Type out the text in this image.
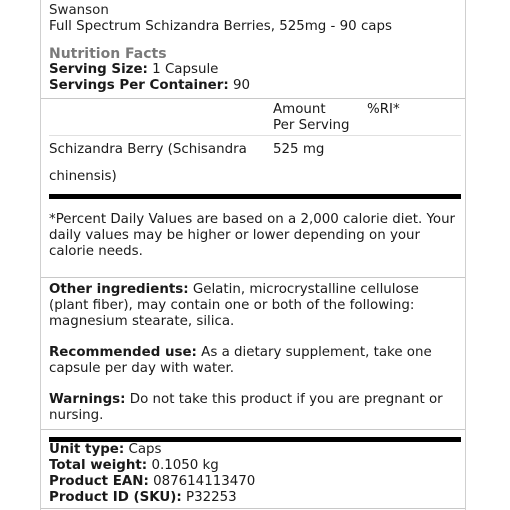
Swanson
Full Spectrum Schizandra Berries, 525mg - 90 caps
Nutrition Facts
Serving Size: 1 Capsule
Servings Per Container: 90
Amount
Per Serving
%RI*
Schizandra Berry (Schisandra
chinensis)
525 mg
*Percent Daily Values are based on a 2,000 calorie diet. Your daily values may be higher or lower depending on your calorie needs.
Other ingredients: Gelatin, microcrystalline cellulose (plant fiber), may contain one or both of the following: magnesium stearate, silica.
Recommended use: As a dietary supplement, take one capsule per day with water.
Warnings: Do not take this product if you are pregnant or nursing.
Unit type: Caps
Total weight: 0.1050 kg
Product EAN: 087614113470
Product ID (SKU): P32253
